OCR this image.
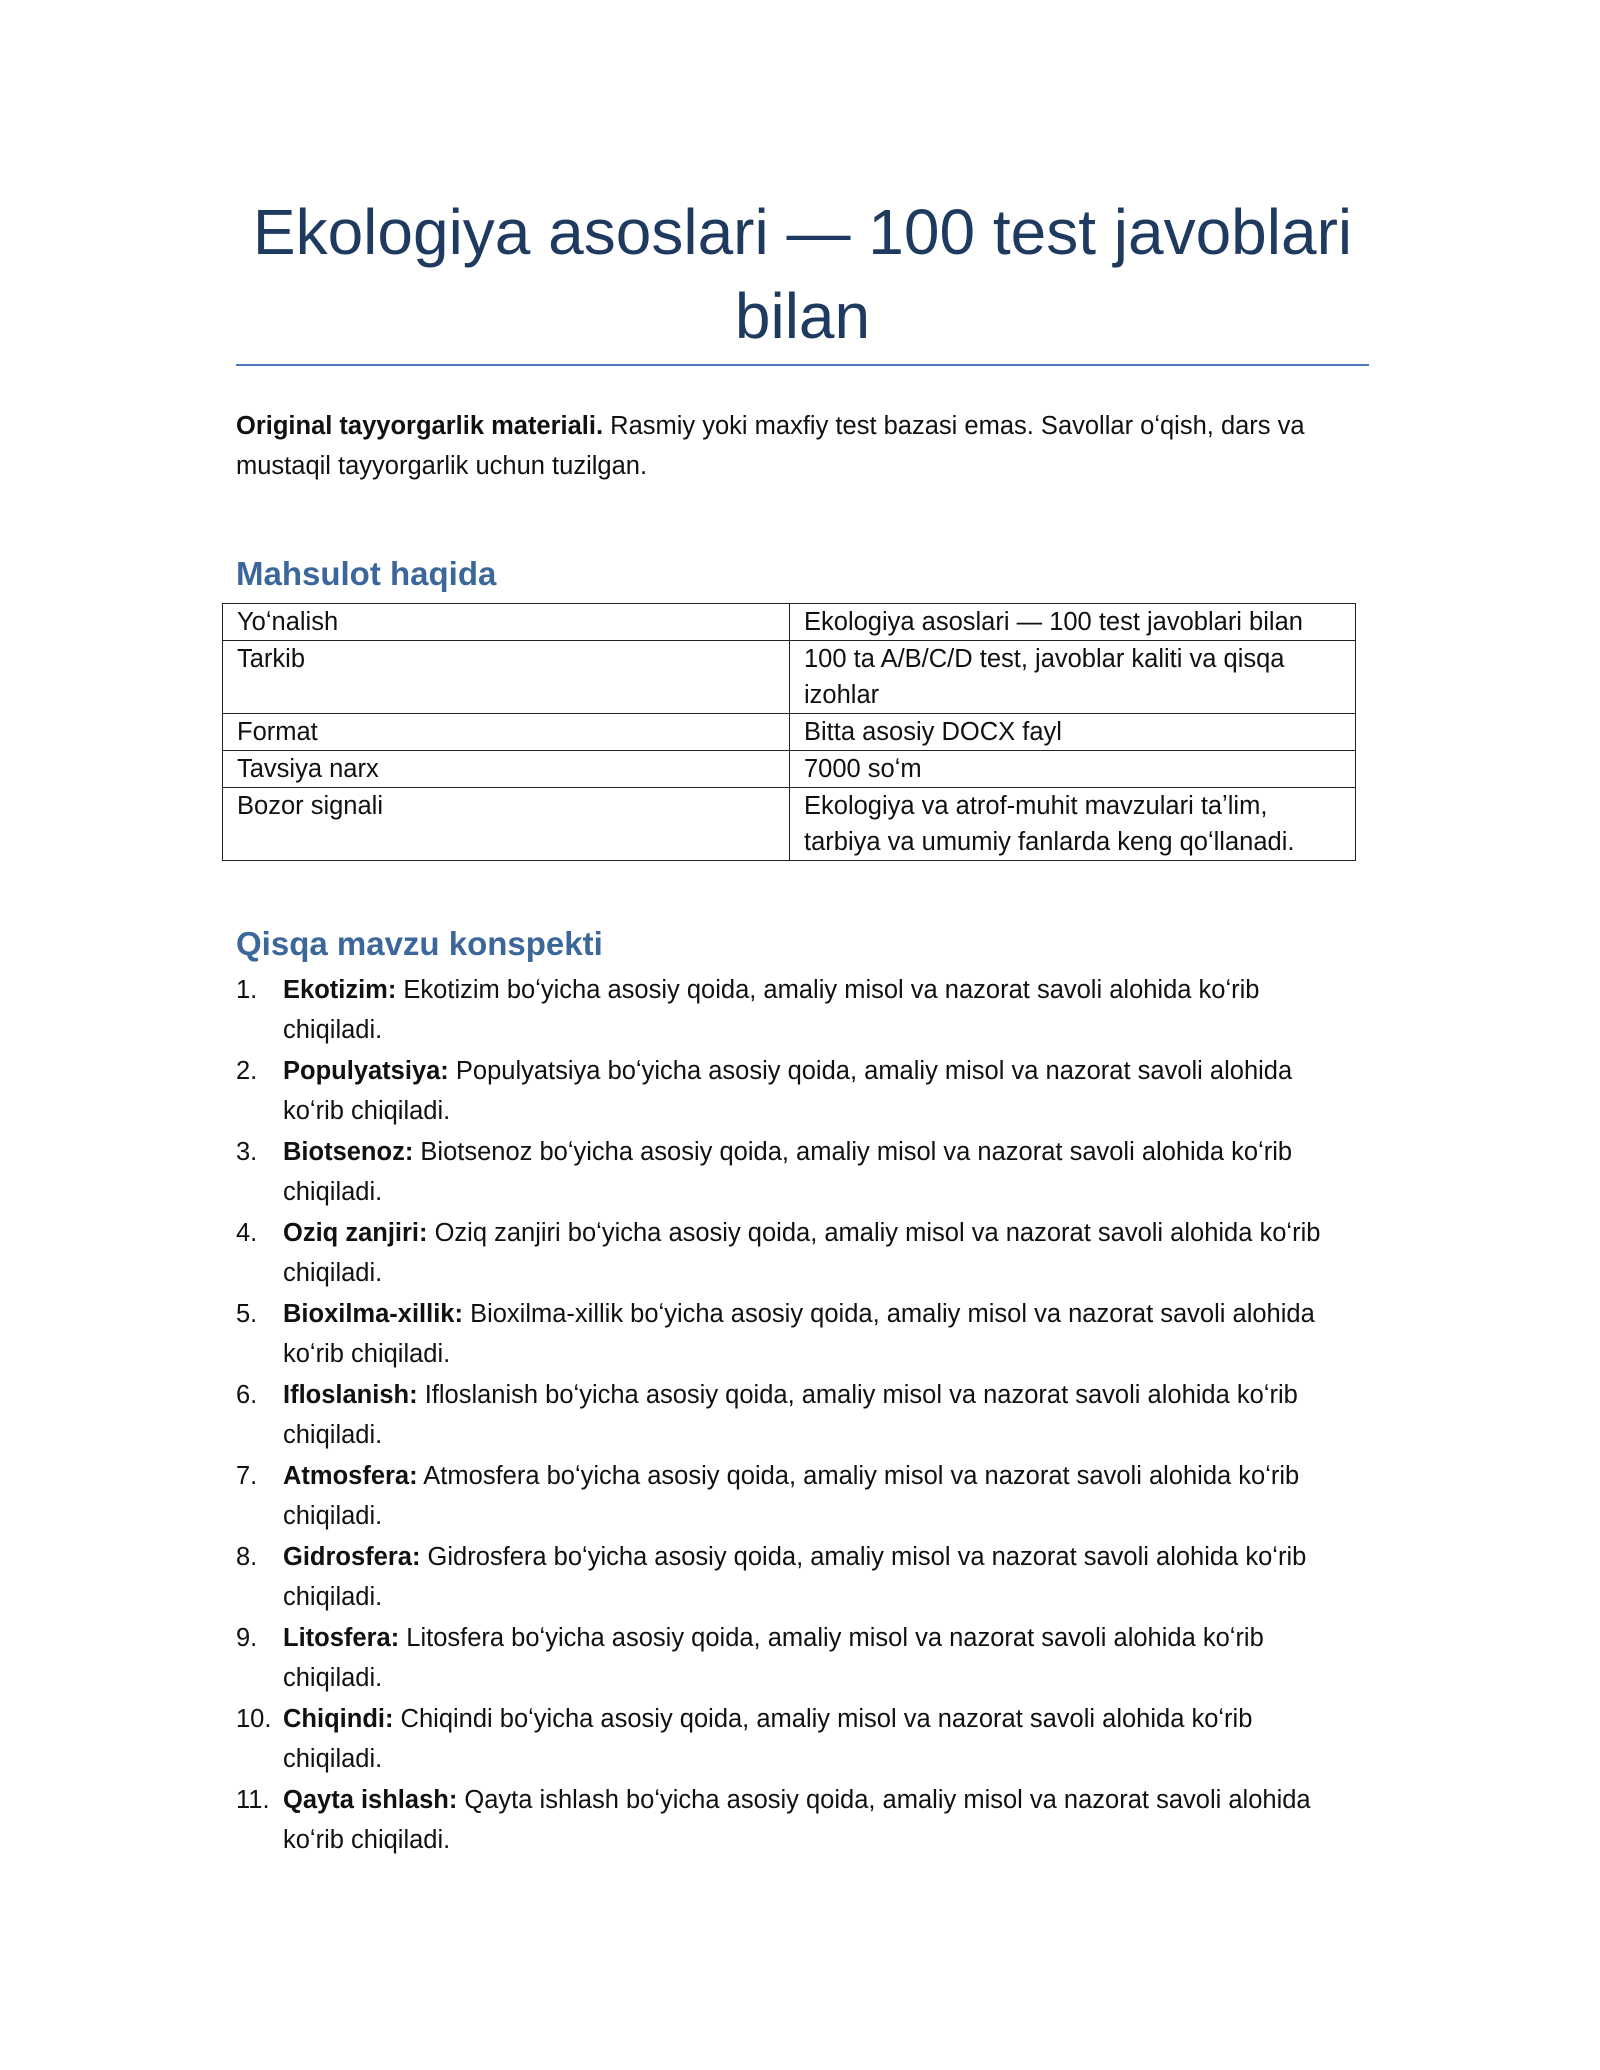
Ekologiya asoslari — 100 test javoblari bilan

Original tayyorgarlik materiali. Rasmiy yoki maxfiy test bazasi emas. Savollar oʻqish, dars va mustaqil tayyorgarlik uchun tuzilgan.

Mahsulot haqida
Yoʻnalish	Ekologiya asoslari — 100 test javoblari bilan
Tarkib	100 ta A/B/C/D test, javoblar kaliti va qisqa izohlar
Format	Bitta asosiy DOCX fayl
Tavsiya narx	7000 soʻm
Bozor signali	Ekologiya va atrof-muhit mavzulari taʼlim, tarbiya va umumiy fanlarda keng qoʻllanadi.
Qisqa mavzu konspekti
1. Ekotizim: Ekotizim boʻyicha asosiy qoida, amaliy misol va nazorat savoli alohida koʻrib chiqiladi.
2. Populyatsiya: Populyatsiya boʻyicha asosiy qoida, amaliy misol va nazorat savoli alohida koʻrib chiqiladi.
3. Biotsenoz: Biotsenoz boʻyicha asosiy qoida, amaliy misol va nazorat savoli alohida koʻrib chiqiladi.
4. Oziq zanjiri: Oziq zanjiri boʻyicha asosiy qoida, amaliy misol va nazorat savoli alohida koʻrib chiqiladi.
5. Bioxilma-xillik: Bioxilma-xillik boʻyicha asosiy qoida, amaliy misol va nazorat savoli alohida koʻrib chiqiladi.
6. Ifloslanish: Ifloslanish boʻyicha asosiy qoida, amaliy misol va nazorat savoli alohida koʻrib chiqiladi.
7. Atmosfera: Atmosfera boʻyicha asosiy qoida, amaliy misol va nazorat savoli alohida koʻrib chiqiladi.
8. Gidrosfera: Gidrosfera boʻyicha asosiy qoida, amaliy misol va nazorat savoli alohida koʻrib chiqiladi.
9. Litosfera: Litosfera boʻyicha asosiy qoida, amaliy misol va nazorat savoli alohida koʻrib chiqiladi.
10. Chiqindi: Chiqindi boʻyicha asosiy qoida, amaliy misol va nazorat savoli alohida koʻrib chiqiladi.
11. Qayta ishlash: Qayta ishlash boʻyicha asosiy qoida, amaliy misol va nazorat savoli alohida koʻrib chiqiladi.
